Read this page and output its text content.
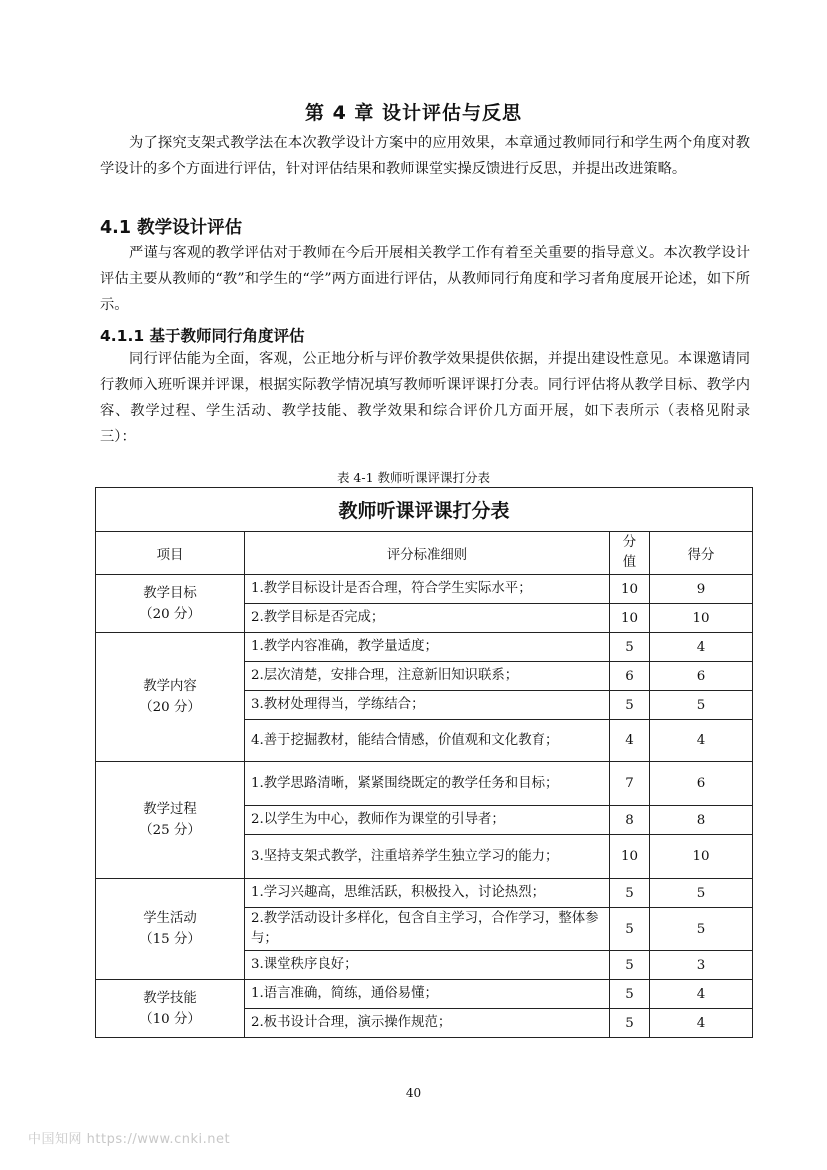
第 4 章 设计评估与反思

为了探究支架式教学法在本次教学设计方案中的应用效果，本章通过教师同行和学生两个角度对教学设计的多个方面进行评估，针对评估结果和教师课堂实操反馈进行反思，并提出改进策略。

4.1 教学设计评估

严谨与客观的教学评估对于教师在今后开展相关教学工作有着至关重要的指导意义。本次教学设计评估主要从教师的“教”和学生的“学”两方面进行评估，从教师同行角度和学习者角度展开论述，如下所示。

4.1.1 基于教师同行角度评估

同行评估能为全面，客观，公正地分析与评价教学效果提供依据，并提出建设性意见。本课邀请同行教师入班听课并评课，根据实际教学情况填写教师听课评课打分表。同行评估将从教学目标、教学内容、教学过程、学生活动、教学技能、教学效果和综合评价几方面开展，如下表所示（表格见附录三）：

表 4-1 教师听课评课打分表
教师听课评课打分表			
项目	评分标准细则	分值	得分

教学目标
（20 分）	1.教学目标设计是否合理，符合学生实际水平；	10	9
	2.教学目标是否完成；	10	10

教学内容
（20 分）	1.教学内容准确，教学量适度；	5	4
	2.层次清楚，安排合理，注意新旧知识联系；	6	6
	3.教材处理得当，学练结合；	5	5
	4.善于挖掘教材，能结合情感，价值观和文化教育；	4	4

教学过程
（25 分）	1.教学思路清晰，紧紧围绕既定的教学任务和目标；	7	6
	2.以学生为中心，教师作为课堂的引导者；	8	8
	3.坚持支架式教学，注重培养学生独立学习的能力；	10	10

学生活动
（15 分）	1.学习兴趣高，思维活跃，积极投入，讨论热烈；	5	5
	2.教学活动设计多样化，包含自主学习，合作学习，整体参与；	5	5
	3.课堂秩序良好；	5	3

教学技能
（10 分）	1.语言准确，简练，通俗易懂；	5	4
	2.板书设计合理，演示操作规范；	5	4
40
中国知网 https://www.cnki.net
